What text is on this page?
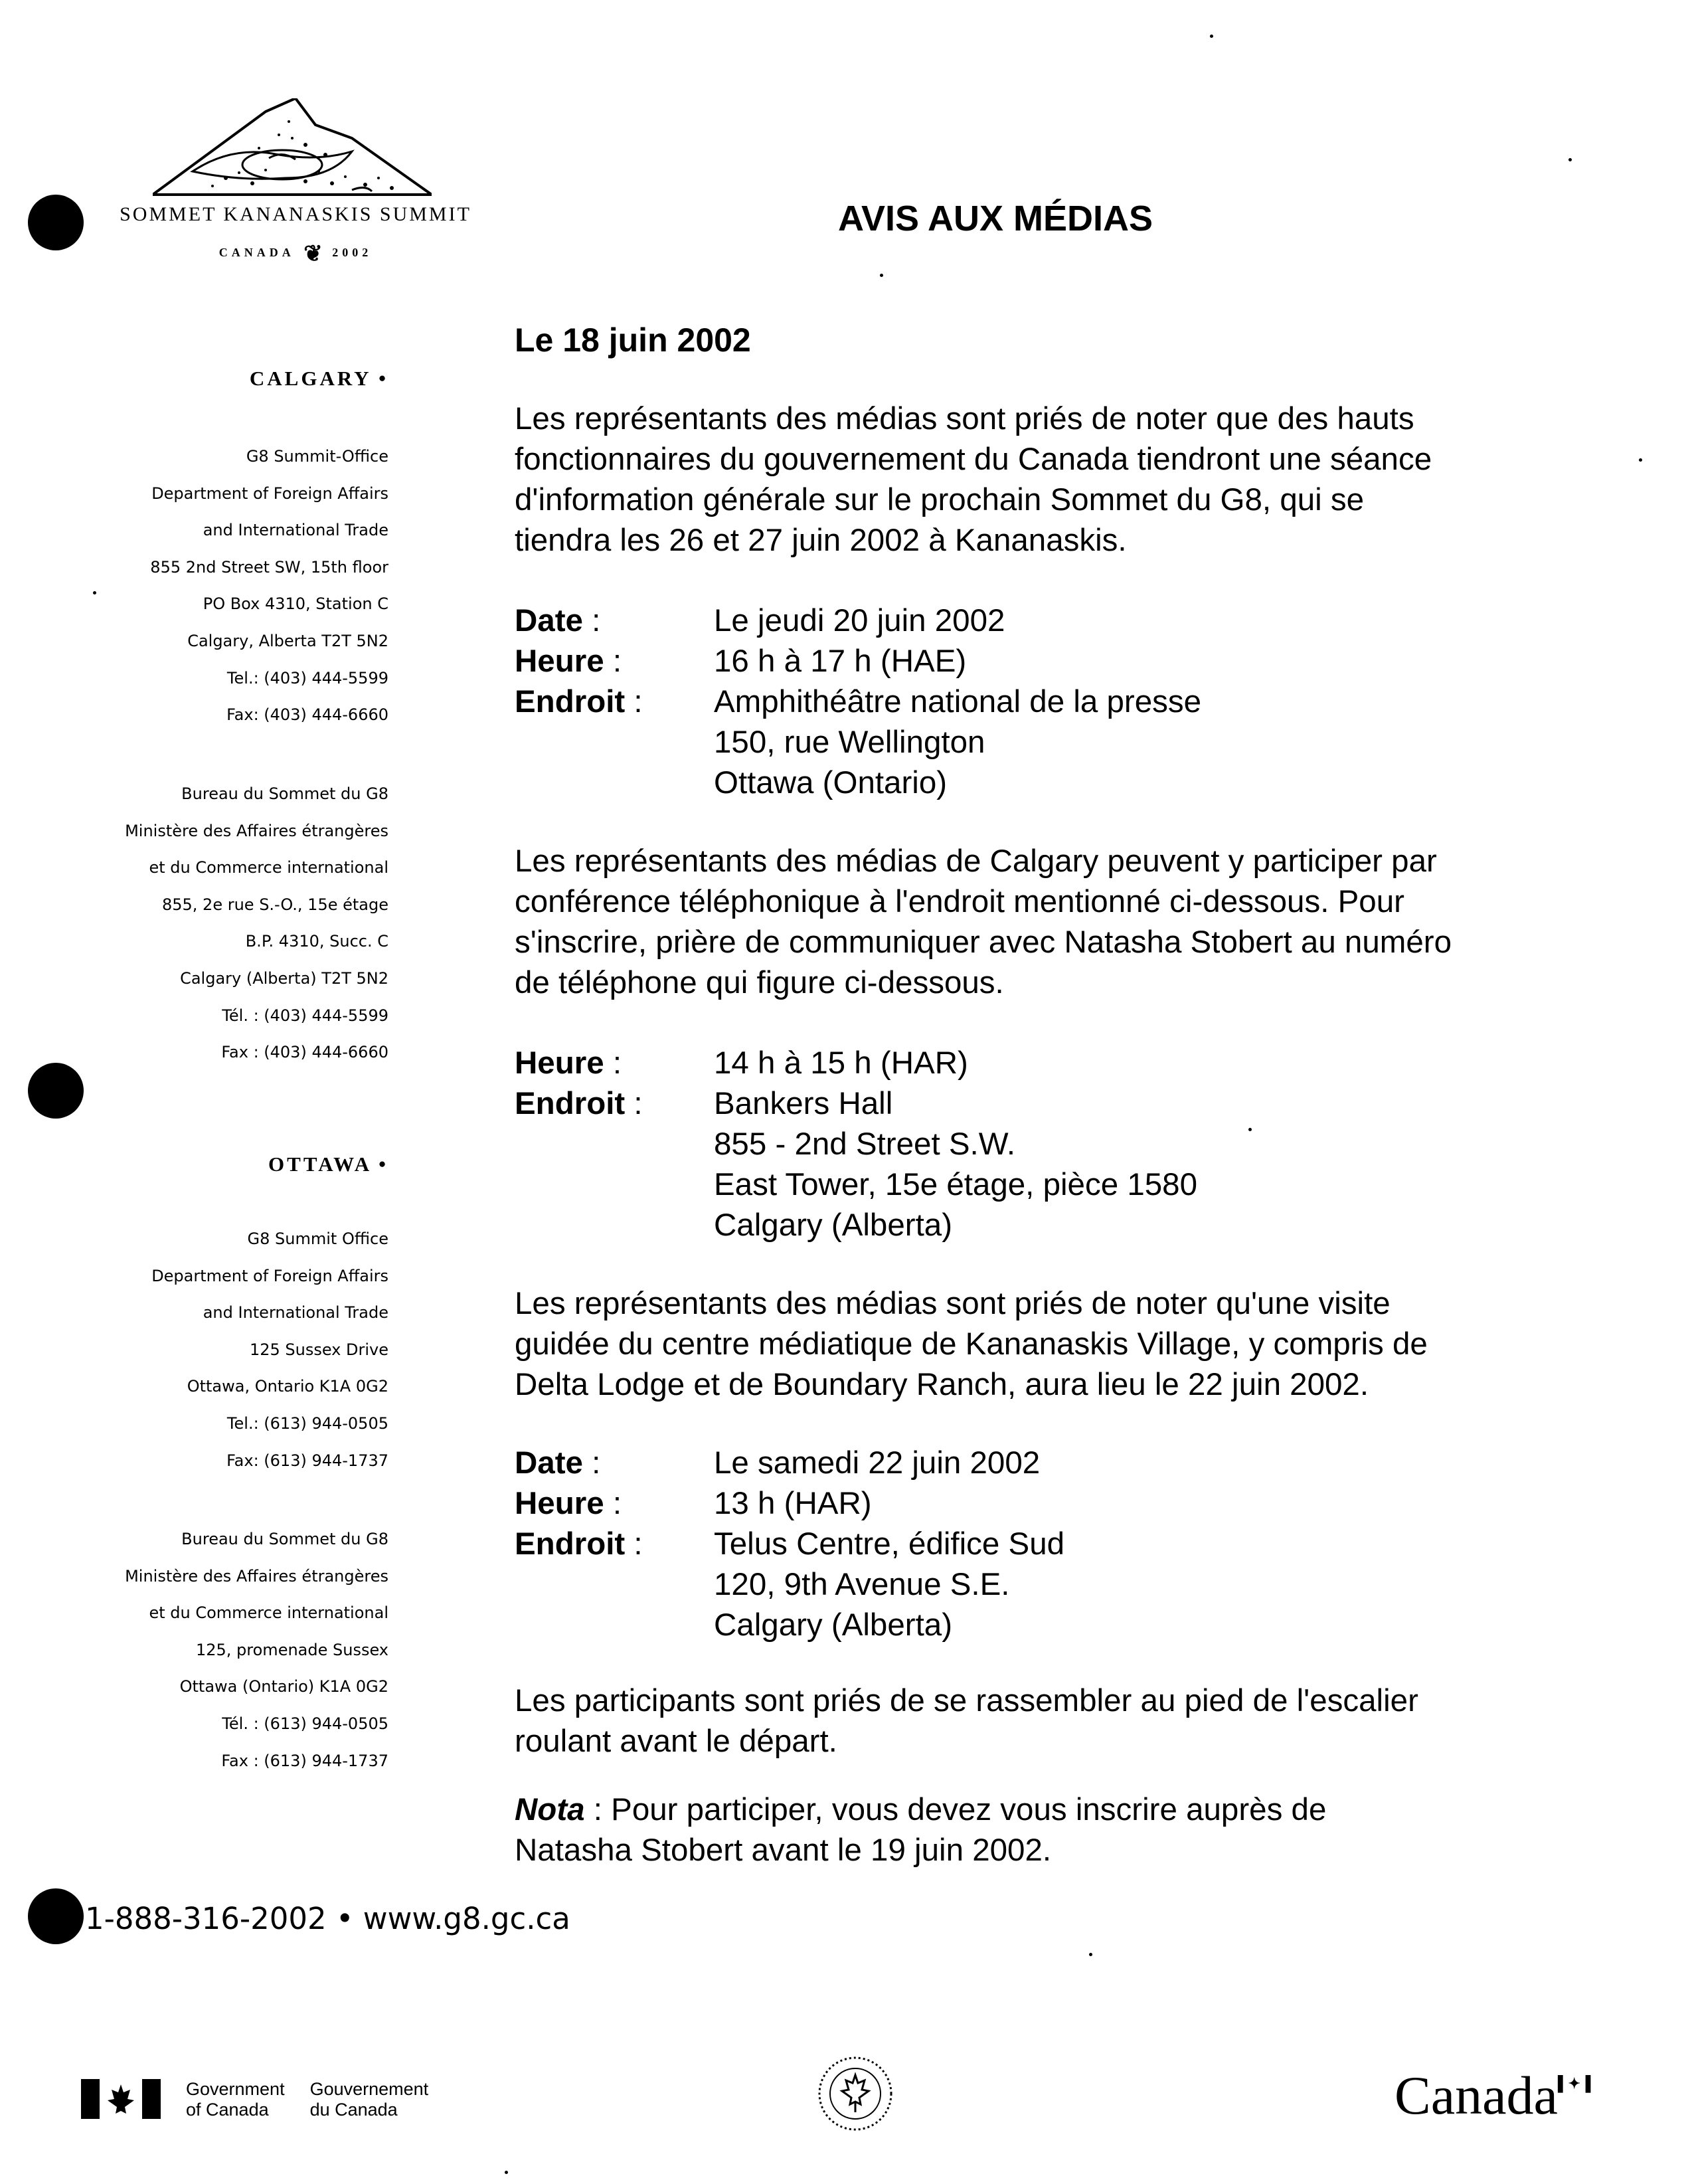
SOMMET KANANASKIS SUMMIT
CANADA ❦ 2002
CALGARY •
G8 Summit-Office
Department of Foreign Affairs
and International Trade
855 2nd Street SW, 15th floor
PO Box 4310, Station C
Calgary, Alberta T2T 5N2
Tel.: (403) 444-5599
Fax: (403) 444-6660
Bureau du Sommet du G8
Ministère des Affaires étrangères
et du Commerce international
855, 2e rue S.-O., 15e étage
B.P. 4310, Succ. C
Calgary (Alberta) T2T 5N2
Tél. : (403) 444-5599
Fax : (403) 444-6660
OTTAWA •
G8 Summit Office
Department of Foreign Affairs
and International Trade
125 Sussex Drive
Ottawa, Ontario K1A 0G2
Tel.: (613) 944-0505
Fax: (613) 944-1737
Bureau du Sommet du G8
Ministère des Affaires étrangères
et du Commerce international
125, promenade Sussex
Ottawa (Ontario) K1A 0G2
Tél. : (613) 944-0505
Fax : (613) 944-1737
AVIS AUX MÉDIAS
Le 18 juin 2002

Les représentants des médias sont priés de noter que des hauts

fonctionnaires du gouvernement du Canada tiendront une séance

d'information générale sur le prochain Sommet du G8, qui se

tiendra les 26 et 27 juin 2002 à Kananaskis.

Date :	Le jeudi 20 juin 2002
Heure :	16 h à 17 h (HAE)
Endroit :	Amphithéâtre national de la presse
150, rue Wellington
Ottawa (Ontario)

Les représentants des médias de Calgary peuvent y participer par

conférence téléphonique à l'endroit mentionné ci-dessous. Pour

s'inscrire, prière de communiquer avec Natasha Stobert au numéro

de téléphone qui figure ci-dessous.

Heure :	14 h à 15 h (HAR)
Endroit :	Bankers Hall
855 - 2nd Street S.W.
East Tower, 15e étage, pièce 1580
Calgary (Alberta)

Les représentants des médias sont priés de noter qu'une visite

guidée du centre médiatique de Kananaskis Village, y compris de

Delta Lodge et de Boundary Ranch, aura lieu le 22 juin 2002.

Date :	Le samedi 22 juin 2002
Heure :	13 h (HAR)
Endroit :	Telus Centre, édifice Sud
120, 9th Avenue S.E.
Calgary (Alberta)

Les participants sont priés de se rassembler au pied de l'escalier

roulant avant le départ.

Nota : Pour participer, vous devez vous inscrire auprès de

Natasha Stobert avant le 19 juin 2002.

1-888-316-2002 • www.g8.gc.ca
Government
of Canada
Gouvernement
du Canada	Canada▌✦▐
